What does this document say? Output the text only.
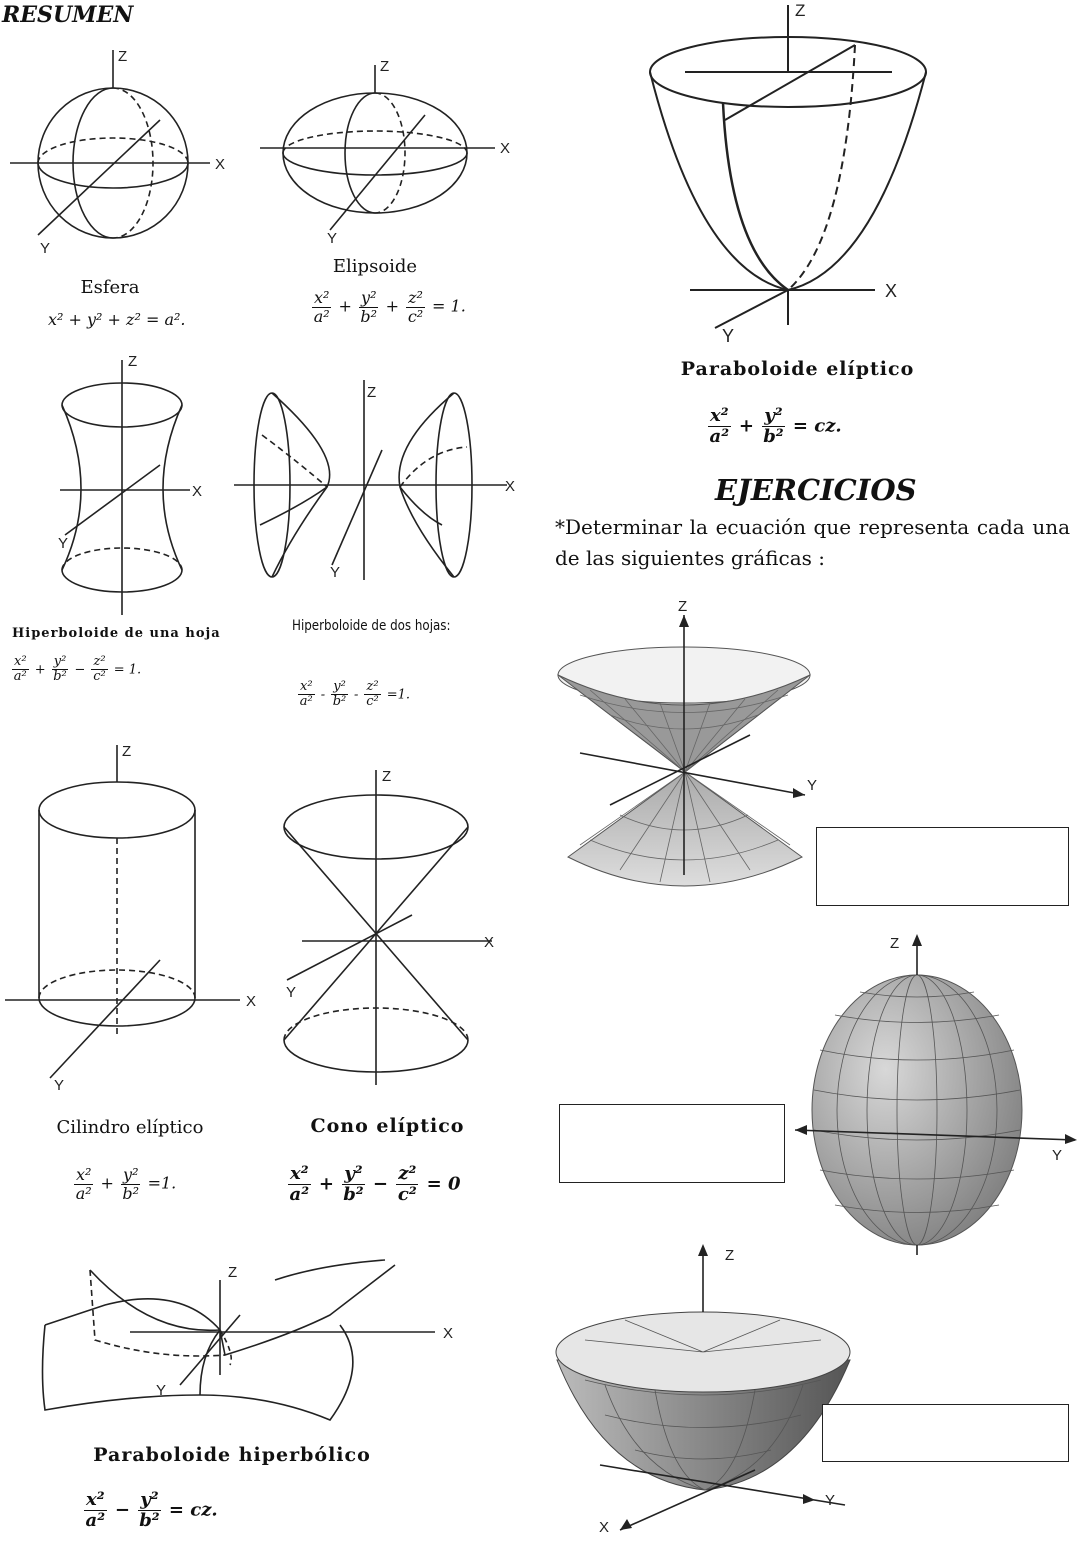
RESUMEN
EJERCICIOS
*Determinar la ecuación que representa cada una de las siguientes gráficas :
Z
X
Y
Esfera
x² + y² + z² = a².
Z
X
Y
Elipsoide
$\frac{\text{x²}}{\text{a²}} + \frac{\text{y²}}{\text{b²}} + \frac{\text{z²}}{\text{c²}} = 1$.
Z
X
Y
Hiperboloide de una hoja
$\frac{\text{x²}}{\text{a²}} + \frac{\text{y²}}{\text{b²}} - \frac{\text{z²}}{\text{c²}} = 1$.
Z
X
Y
Hiperboloide de dos hojas:
$\frac{\text{x²}}{\text{a²}} - \frac{\text{y²}}{\text{b²}} - \frac{\text{z²}}{\text{c²}} =1$.
Z
X
Y
Cilindro elíptico
$\frac{\text{x²}}{\text{a²}} + \frac{\text{y²}}{\text{b²}} =1$.
Z
X
Y
Cono elíptico
$\frac{\text{x²}}{\text{a²}} + \frac{\text{y²}}{\text{b²}} - \frac{\text{z²}}{\text{c²}} = 0$
Z
X
Y
Paraboloide hiperbólico
$\frac{\text{x²}}{\text{a²}} - \frac{\text{y²}}{\text{b²}}$ = cz.
Z
X
Y
Paraboloide elíptico
$\frac{\text{x²}}{\text{a²}} + \frac{\text{y²}}{\text{b²}}$ = cz.
Z
Y
Z
Y
Z
Y
X
